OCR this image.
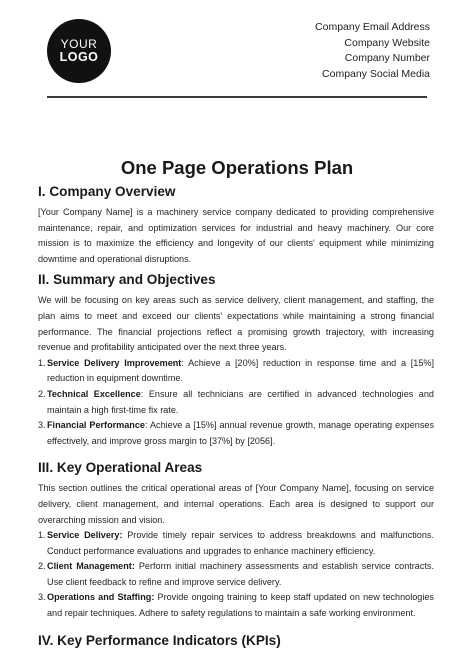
YOUR
LOGO
Company Email Address
Company Website
Company Number
Company Social Media
One Page Operations Plan
I. Company Overview

[Your Company Name] is a machinery service company dedicated to providing comprehensive maintenance, repair, and optimization services for industrial and heavy machinery. Our core mission is to maximize the efficiency and longevity of our clients' equipment while minimizing downtime and operational disruptions.

II. Summary and Objectives

We will be focusing on key areas such as service delivery, client management, and staffing, the plan aims to meet and exceed our clients' expectations while maintaining a strong financial performance. The financial projections reflect a promising growth trajectory, with increasing revenue and profitability anticipated over the next three years.

1. Service Delivery Improvement: Achieve a [20%] reduction in response time and a [15%] reduction in equipment downtime.
2. Technical Excellence: Ensure all technicians are certified in advanced technologies and maintain a high first-time fix rate.
3. Financial Performance: Achieve a [15%] annual revenue growth, manage operating expenses effectively, and improve gross margin to [37%] by [2056].
III. Key Operational Areas

This section outlines the critical operational areas of [Your Company Name], focusing on service delivery, client management, and internal operations. Each area is designed to support our overarching mission and vision.

1. Service Delivery: Provide timely repair services to address breakdowns and malfunctions. Conduct performance evaluations and upgrades to enhance machinery efficiency.
2. Client Management: Perform initial machinery assessments and establish service contracts. Use client feedback to refine and improve service delivery.
3. Operations and Staffing: Provide ongoing training to keep staff updated on new technologies and repair techniques. Adhere to safety regulations to maintain a safe working environment.
IV. Key Performance Indicators (KPIs)
